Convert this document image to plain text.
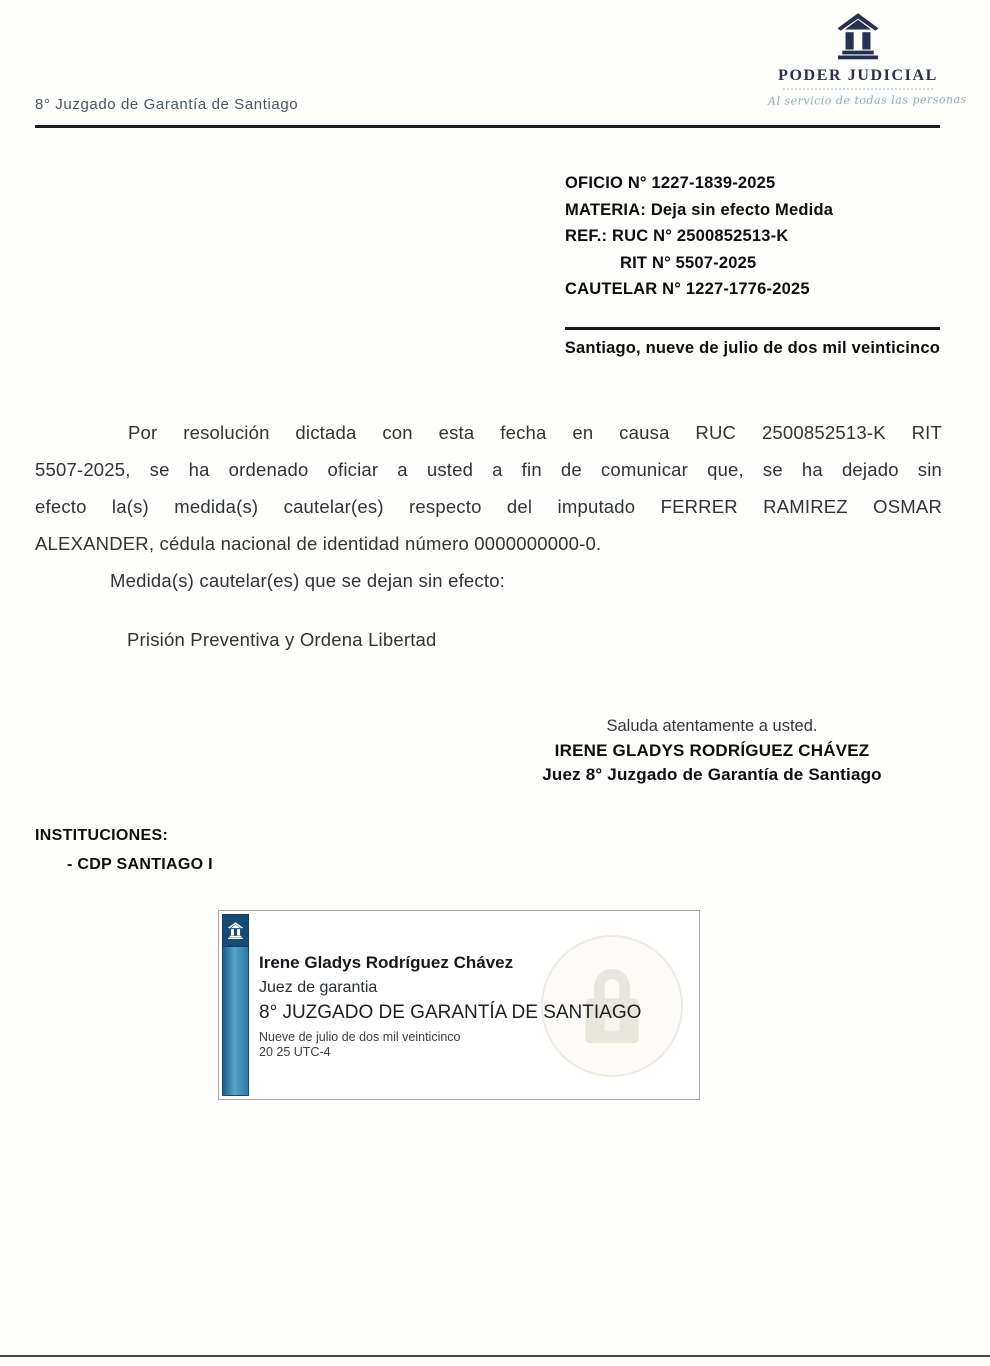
8° Juzgado de Garantía de Santiago
PODER JUDICIAL
Al servicio de todas las personas
OFICIO N° 1227-1839-2025
MATERIA: Deja sin efecto Medida
REF.: RUC N° 2500852513-K
RIT N° 5507-2025
CAUTELAR N° 1227-1776-2025
Santiago, nueve de julio de dos mil veinticinco
Por resolución dictada con esta fecha en causa RUC 2500852513-K RIT
5507-2025, se ha ordenado oficiar a usted a fin de comunicar que, se ha dejado sin
efecto la(s) medida(s) cautelar(es) respecto del imputado FERRER RAMIREZ OSMAR
ALEXANDER, cédula nacional de identidad número 0000000000-0.
Medida(s) cautelar(es) que se dejan sin efecto:
Prisión Preventiva y Ordena Libertad
Saluda atentamente a usted.
IRENE GLADYS RODRÍGUEZ CHÁVEZ
Juez 8° Juzgado de Garantía de Santiago
INSTITUCIONES:
- CDP SANTIAGO I
Irene Gladys Rodríguez Chávez
Juez de garantia
8° JUZGADO DE GARANTÍA DE SANTIAGO
Nueve de julio de dos mil veinticinco
20 25 UTC-4
